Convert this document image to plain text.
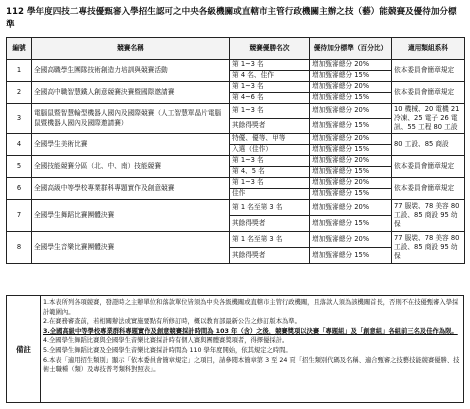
112 學年度四技二專技優甄審入學招生認可之中央各級機關或直轄市主管行政機關主辦之技（藝）能競賽及優待加分標準
編號	競賽名稱	競賽優勝名次	優待加分標準（百分比）	適用類組系科
1	全國高職學生團隊技術創造力培訓與競賽活動	第 1~3 名	增加甄審總分 20%	依本委員會簡章規定

		第 4 名、佳作	增加甄審總分 15%	
2	全國高中職智慧鐵人創意競賽決賽暨國際邀請賽	第 1~3 名	增加甄審總分 20%	依本委員會簡章規定

		第 4~6 名	增加甄審總分 15%	
3	電腦鼠暨智慧輪型機器人國內及國際競賽（人工智慧單晶片電腦鼠暨機器人國內及國際邀請賽）	第 1~3 名	增加甄審總分 20%	10 機械、20 電機 21 冷凍、25 電子 26 電訊、55 工程 80 工設

		其餘得獎者	增加甄審總分 15%	
4	全國學生美術比賽	特優、優等、甲等	增加甄審總分 20%	80 工設、85 商設

		入選（佳作）	增加甄審總分 15%	
5	全國技能競賽分區（北、中、南）技能競賽	第 1~3 名	增加甄審總分 20%	依本委員會簡章規定

		第 4、5 名	增加甄審總分 15%	
6	全國高級中等學校專業群科專題實作及創意競賽	第 1~3 名	增加甄審總分 20%	依本委員會簡章規定

		佳作	增加甄審總分 15%	
7	全國學生舞蹈比賽團體決賽	第 1 名至第 3 名	增加甄審總分 20%	77 服裝、78 美容 80 工設、85 商設 95 幼保

		其餘得獎者	增加甄審總分 15%	
8	全國學生音樂比賽團體決賽	第 1 名至第 3 名	增加甄審總分 20%	77 服裝、78 美容 80 工設、85 商設 95 幼保

		其餘得獎者	增加甄審總分 15%	
備註
1.本表所列各項競賽，發證時之主辦單位和落款單位皆須為中央各級機關或直轄市主管行政機關，且落款人須為該機關首長，否則不在技優甄審入學採計範圍內。
2.在賽務審查前，若相關辦法或實施要點有所修訂時，概以教育部最新公告之修訂版本為準。
3.全國高級中等學校專業群科專題實作及創意競賽採計時間為 103 年（含）之後，競賽獎項以決賽「專題組」及「創意組」各組前三名及佳作為限。
4.全國學生舞蹈比賽與全國學生音樂比賽採計時有個人賽與團體賽獎項者，得擇優採計。
5.全國學生舞蹈比賽及全國學生音樂比賽採計時間為 110 學年度開始，依其規定之時間。
6.本表「適用招生類別」顯示「依本委員會簡章規定」之項目，請參閱本簡章第 3 至 24 頁「招生類別代碼及名稱、適合甄審之技藝技能競賽優勝、技術士職種（類）及專技普考類科對照表」。
